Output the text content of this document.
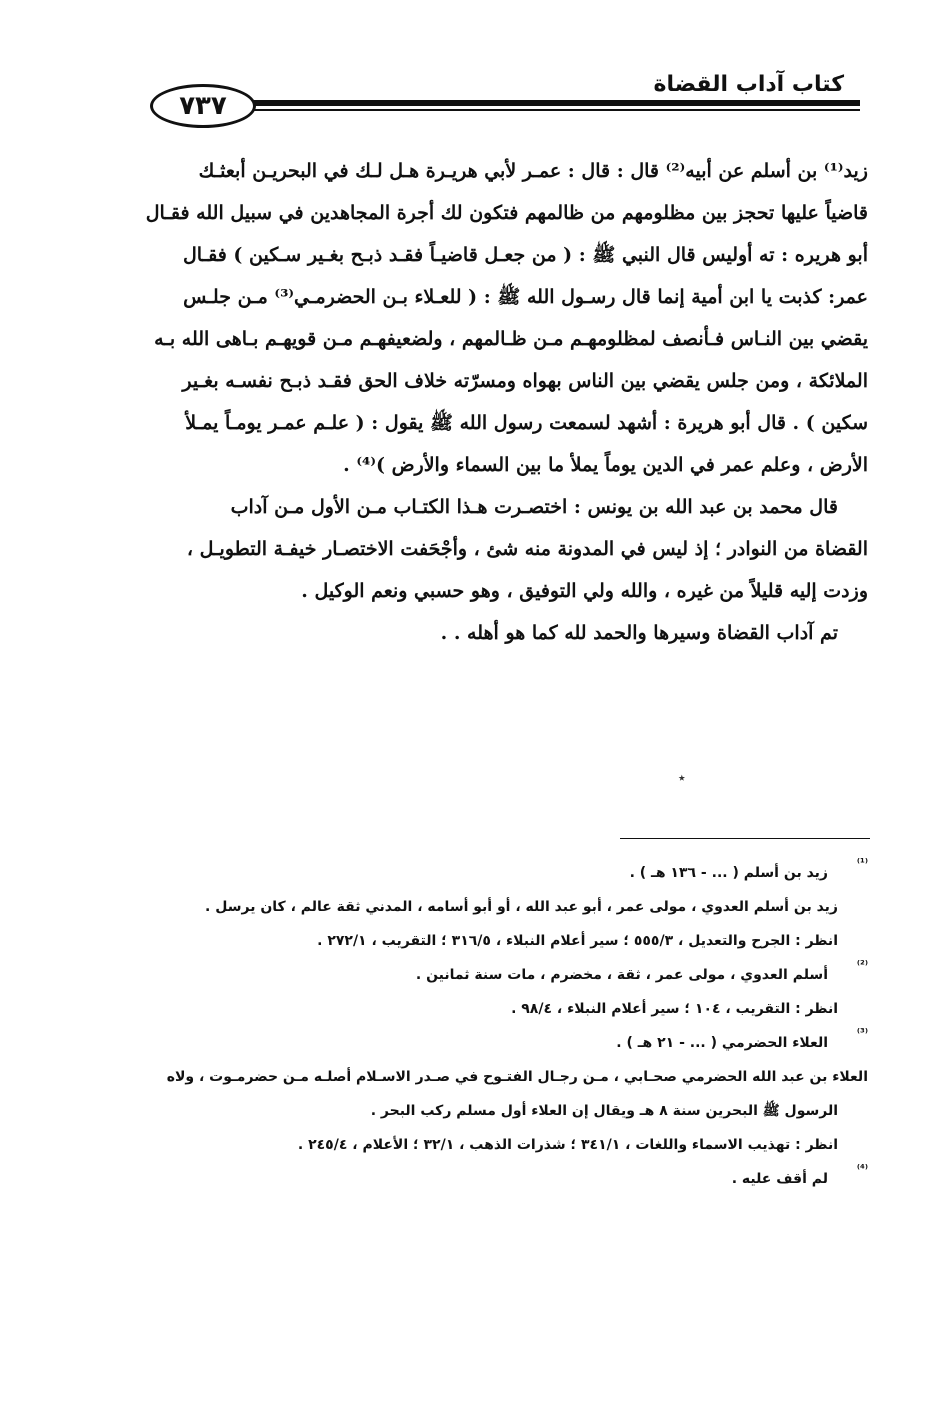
٧٣٧
كتاب آداب القضاة

زيد⁽¹⁾ بن أسلم عن أبيه⁽²⁾ قال : قال : عمـر لأبي هريـرة هـل لـك في البحريـن أبعثـك

قاضياً عليها تحجز بين مظلومهم من ظالمهم فتكون لك أجرة المجاهدين في سبيل الله فقـال

أبو هريره : ته أوليس قال النبي ﷺ : ( من جعـل قاضيـاً فقـد ذبـح بغـير سـكين ) فقـال

عمر: كذبت يا ابن أمية إنما قال رسـول الله ﷺ : ( للعـلاء بـن الحضرمـي⁽³⁾ مـن جلـس

يقضي بين النـاس فـأنصف لمظلومهـم مـن ظـالمهم ، ولضعيفهـم مـن قويهـم بـاهى الله بـه

الملائكة ، ومن جلس يقضي بين الناس بهواه ومسرّته خلاف الحق فقـد ذبـح نفسـه بغـير

سكين ) . قال أبو هريرة : أشهد لسمعت رسول الله ﷺ يقول : ( علـم عمـر يومـاً يمـلأ

الأرض ، وعلم عمر في الدين يوماً يملأ ما بين السماء والأرض )⁽⁴⁾ .

قال محمد بن عبد الله بن يونس : اختصـرت هـذا الكتـاب مـن الأول مـن آداب

القضاة من النوادر ؛ إذ ليس في المدونة منه شئ ، وأجْحَفت الاختصـار خيفـة التطويـل ،

وزدت إليه قليلاً من غيره ، والله ولي التوفيق ، وهو حسبي ونعم الوكيل .

تم آداب القضاة وسيرها والحمد لله كما هو أهله . .

٭
⁽¹⁾
زيد بن أسلم ( ... - ١٣٦ هـ ) .
زيد بن أسلم العدوي ، مولى عمر ، أبو عبد الله ، أو أبو أسامه ، المدني ثقة عالم ، كان يرسل .
انظر : الجرح والتعديل ، ٥٥٥/٣ ؛ سير أعلام النبلاء ، ٣١٦/٥ ؛ التقريب ، ٢٧٢/١ .
⁽²⁾
أسلم العدوي ، مولى عمر ، ثقة ، مخضرم ، مات سنة ثمانين .
انظر : التقريب ، ١٠٤ ؛ سير أعلام النبلاء ، ٩٨/٤ .
⁽³⁾
العلاء الحضرمي ( ... - ٢١ هـ ) .
العلاء بن عبد الله الحضرمي صحـابي ، مـن رجـال الفتـوح في صـدر الاسـلام أصلـه مـن حضرمـوت ، ولاه
الرسول ﷺ البحرين سنة ٨ هـ ويقال إن العلاء أول مسلم ركب البحر .
انظر : تهذيب الاسماء واللغات ، ٣٤١/١ ؛ شذرات الذهب ، ٣٢/١ ؛ الأعلام ، ٢٤٥/٤ .
⁽⁴⁾
لم أقف عليه .
